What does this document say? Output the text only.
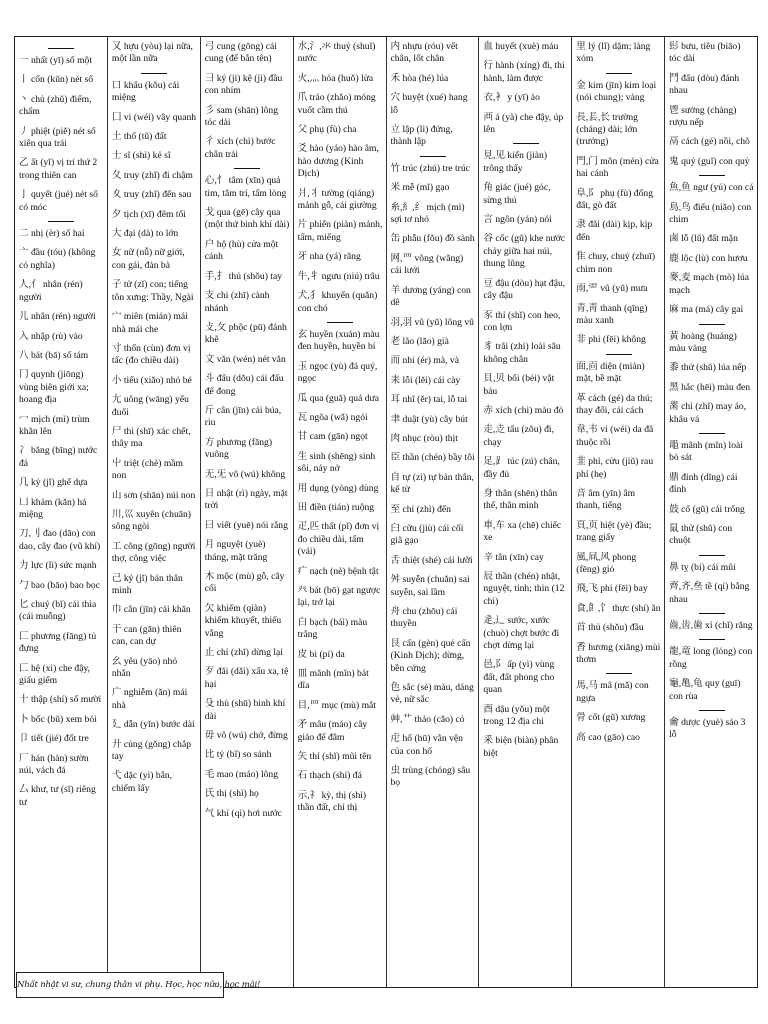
一 nhất (yī) số một
丨 cổn (kǔn) nét sổ
丶 chủ (zhǔ) điểm, chấm
丿 phiệt (piě) nét sổ xiên qua trái
乙 ất (yǐ) vị trí thứ 2 trong thiên can
亅 quyết (jué) nét sổ có móc
二 nhị (èr) số hai
亠 đầu (tóu) (không có nghĩa)
人,亻 nhân (rén) người
儿 nhân (rén) người
入 nhập (rù) vào
八 bát (bā) số tám
冂 quynh (jiōng) vùng biên giới xa; hoang địa
冖 mịch (mì) trùm khăn lên
冫 băng (bīng) nước đá
几 kỷ (jǐ) ghế dựa
凵 khảm (kǎn) há miệng
刀,刂 đao (dāo) con dao, cây đao (vũ khí)
力 lực (lì) sức mạnh
勹 bao (bāo) bao bọc
匕 chuỷ (bǐ) cái thìa (cái muỗng)
匚 phương (fāng) tủ đựng
匸 hệ (xì) che đậy, giấu giếm
十 thập (shí) số mười
卜 bốc (bǔ) xem bói
卩 tiết (jié) đốt tre
厂 hán (hàn) sườn núi, vách đá
厶 khư, tư (sī) riêng tư
又 hựu (yòu) lại nữa, một lần nữa
口 khẩu (kǒu) cái miệng
囗 vi (wéi) vây quanh
土 thổ (tǔ) đất
士 sĩ (shì) kẻ sĩ
夂 truy (zhǐ) đi chậm
夊 truy (zhǐ) đến sau
夕 tịch (xī) đêm tối
大 đại (dà) to lớn
女 nữ (nǚ) nữ giới, con gái, đàn bà
子 tử (zǐ) con; tiếng tôn xưng: Thầy, Ngài
宀 miên (mián) mái nhà mái che
寸 thốn (cùn) đơn vị tấc (đo chiều dài)
小 tiểu (xiǎo) nhỏ bé
尢 uông (wāng) yếu đuối
尸 thi (shī) xác chết, thây ma
屮 triệt (chè) mầm non
山 sơn (shān) núi non
川,巛 xuyên (chuān) sông ngòi
工 công (gōng) người thợ, công việc
己 kỷ (jǐ) bản thân mình
巾 cân (jīn) cái khăn
干 can (gān) thiên can, can dự
幺 yêu (yāo) nhỏ nhắn
广 nghiễm (ǎn) mái nhà
廴 dẫn (yǐn) bước dài
廾 củng (gǒng) chắp tay
弋 dặc (yì) bắn, chiếm lấy
弓 cung (gōng) cái cung (để bắn tên)
彐 ký (jì) kệ (jì) đầu con nhím
彡 sam (shān) lông tóc dài
彳 xích (chì) bước chân trái
心,忄 tâm (xīn) quả tim, tâm trí, tấm lòng
戈 qua (gē) cây qua (một thứ binh khí dài)
户 hộ (hù) cửa một cánh
手,扌 thủ (shǒu) tay
支 chi (zhī) cành nhánh
攴,攵 phộc (pū) đánh khẽ
文 văn (wén) nét văn
斗 đẩu (dǒu) cái đấu để đong
斤 cân (jīn) cái búa, rìu
方 phương (fāng) vuông
无,旡 vô (wú) không
日 nhật (rì) ngày, mặt trời
曰 viết (yuē) nói rằng
月 nguyệt (yuè) tháng, mặt trăng
木 mộc (mù) gỗ, cây cối
欠 khiếm (qiàn) khiếm khuyết, thiếu vắng
止 chỉ (zhǐ) dừng lại
歹 đãi (dǎi) xấu xa, tệ hại
殳 thù (shū) binh khí dài
毋 vô (wú) chớ, đừng
比 tỷ (bǐ) so sánh
毛 mao (máo) lông
氏 thị (shì) họ
气 khí (qì) hơi nước
水,氵,氺 thuỷ (shuǐ) nước
火,灬 hỏa (huǒ) lửa
爪 trảo (zhǎo) móng vuốt cầm thú
父 phụ (fù) cha
爻 hào (yáo) hào âm, hào dương (Kinh Dịch)
爿,丬 tường (qiáng) mảnh gỗ, cái giường
片 phiến (piàn) mảnh, tấm, miếng
牙 nha (yá) răng
牛,牜 ngưu (niú) trâu
犬,犭 khuyển (quǎn) con chó
玄 huyền (xuán) màu đen huyền, huyền bí
玉 ngọc (yù) đá quý, ngọc
瓜 qua (guā) quả dưa
瓦 ngõa (wǎ) ngói
甘 cam (gān) ngọt
生 sinh (shēng) sinh sôi, nảy nở
用 dụng (yòng) dùng
田 điền (tián) ruộng
疋,匹 thất (pǐ) đơn vị đo chiều dài, tấm (vải)
疒 nạch (nè) bệnh tật
癶 bát (bō) gạt ngược lại, trở lại
白 bạch (bái) màu trắng
皮 bì (pí) da
皿 mãnh (mǐn) bát dĩa
目,罒 mục (mù) mắt
矛 mâu (máo) cây giáo để đâm
矢 thỉ (shǐ) mũi tên
石 thạch (shí) đá
示,礻 kỳ, thị (shì) thần đất, chỉ thị
内 nhựu (róu) vết chân, lốt chân
禾 hòa (hé) lúa
穴 huyệt (xué) hang lỗ
立 lập (lì) đứng, thành lập
竹 trúc (zhú) tre trúc
米 mễ (mǐ) gạo
糸,糹,纟 mịch (mì) sợi tơ nhỏ
缶 phẫu (fǒu) đồ sành
网,罒 võng (wǎng) cái lưới
羊 dương (yáng) con dê
羽,羽 vũ (yǔ) lông vũ
老 lão (lǎo) già
而 nhi (ér) mà, và
耒 lỗi (lěi) cái cày
耳 nhĩ (ěr) tai, lỗ tai
聿 duật (yù) cây bút
肉 nhục (ròu) thịt
臣 thần (chén) bầy tôi
自 tự (zì) tự bản thân, kể từ
至 chí (zhì) đến
臼 cữu (jiù) cái cối giã gạo
舌 thiệt (shé) cái lưỡi
舛 suyễn (chuǎn) sai suyễn, sai lầm
舟 chu (zhōu) cái thuyền
艮 cấn (gèn) quẻ cấn (Kinh Dịch); dừng, bền cứng
色 sắc (sè) màu, dáng vẻ, nữ sắc
艸,艹 thảo (cǎo) cỏ
虍 hổ (hū) vằn vện của con hổ
虫 trùng (chóng) sâu bọ
血 huyết (xuè) máu
行 hành (xíng) đi, thi hành, làm được
衣,衤 y (yī) áo
襾 á (yà) che đậy, úp lên
見,见 kiến (jiàn) trông thấy
角 giác (jué) góc, sừng thú
言 ngôn (yán) nói
谷 cốc (gǔ) khe nước chảy giữa hai núi, thung lũng
豆 đậu (dòu) hạt đậu, cây đậu
豕 thỉ (shǐ) con heo, con lợn
豸 trãi (zhì) loài sâu không chân
貝,贝 bối (bèi) vật báu
赤 xích (chì) màu đỏ
走,赱 tẩu (zǒu) đi, chạy
足,⻊ túc (zú) chân, đầy đủ
身 thân (shēn) thân thể, thân mình
車,车 xa (chē) chiếc xe
辛 tân (xīn) cay
辰 thần (chén) nhật, nguyệt, tinh; thìn (12 chi)
辵,辶 sước, xước (chuò) chợt bước đi chợt dừng lại
邑,阝 ấp (yì) vùng đất, đất phong cho quan
酉 dậu (yǒu) một trong 12 địa chi
釆 biện (biàn) phân biệt
里 lý (lǐ) dặm; làng xóm
金 kim (jīn) kim loại (nói chung); vàng
長,镸,长 trường (cháng) dài; lớn (trưởng)
門,门 môn (mén) cửa hai cánh
阜,阝 phụ (fù) đống đất, gò đất
隶 đãi (dài) kịp, kịp đến
隹 chuy, chuý (zhuī) chim non
雨,⻗ vũ (yǔ) mưa
青,靑 thanh (qīng) màu xanh
非 phi (fēi) không
面,靣 diện (miàn) mặt, bề mặt
革 cách (gé) da thú; thay đổi, cải cách
韋,韦 vi (wéi) da đã thuộc rồi
韭 phỉ, cửu (jiǔ) rau phỉ (hẹ)
音 âm (yīn) âm thanh, tiếng
頁,页 hiệt (yè) đầu; trang giấy
風,凬,风 phong (fēng) gió
飛,飞 phi (fēi) bay
食,飠,饣 thực (shí) ăn
首 thủ (shǒu) đầu
香 hương (xiāng) mùi thơm
馬,马 mã (mǎ) con ngựa
骨 cốt (gǔ) xương
高 cao (gāo) cao
髟 bưu, tiêu (biāo) tóc dài
鬥 đấu (dòu) đánh nhau
鬯 sưởng (chàng) rượu nếp
鬲 cách (gé) nồi, chõ
鬼 quỷ (guǐ) con quỷ
魚,鱼 ngư (yú) con cá
鳥,鸟 điểu (niǎo) con chim
鹵 lỗ (lǔ) đất mặn
鹿 lộc (lù) con hươu
麥,麦 mạch (mò) lúa mạch
麻 ma (má) cây gai
黃 hoàng (huáng) màu vàng
黍 thử (shǔ) lúa nếp
黑 hắc (hēi) màu đen
黹 chỉ (zhǐ) may áo, khâu vá
黽 mãnh (mǐn) loài bò sát
鼎 đỉnh (dǐng) cái đỉnh
鼓 cổ (gǔ) cái trống
鼠 thử (shǔ) con chuột
鼻 tỵ (bí) cái mũi
齊,齐,亝 tề (qí) bằng nhau
齒,齿,歯 xỉ (chǐ) răng
龍,竜 long (lóng) con rồng
龜,亀,龟 quy (guī) con rùa
龠 dược (yuè) sáo 3 lỗ
Nhất nhật vi sư, chung thân vi phụ. Học, học nữa, học mãi!
